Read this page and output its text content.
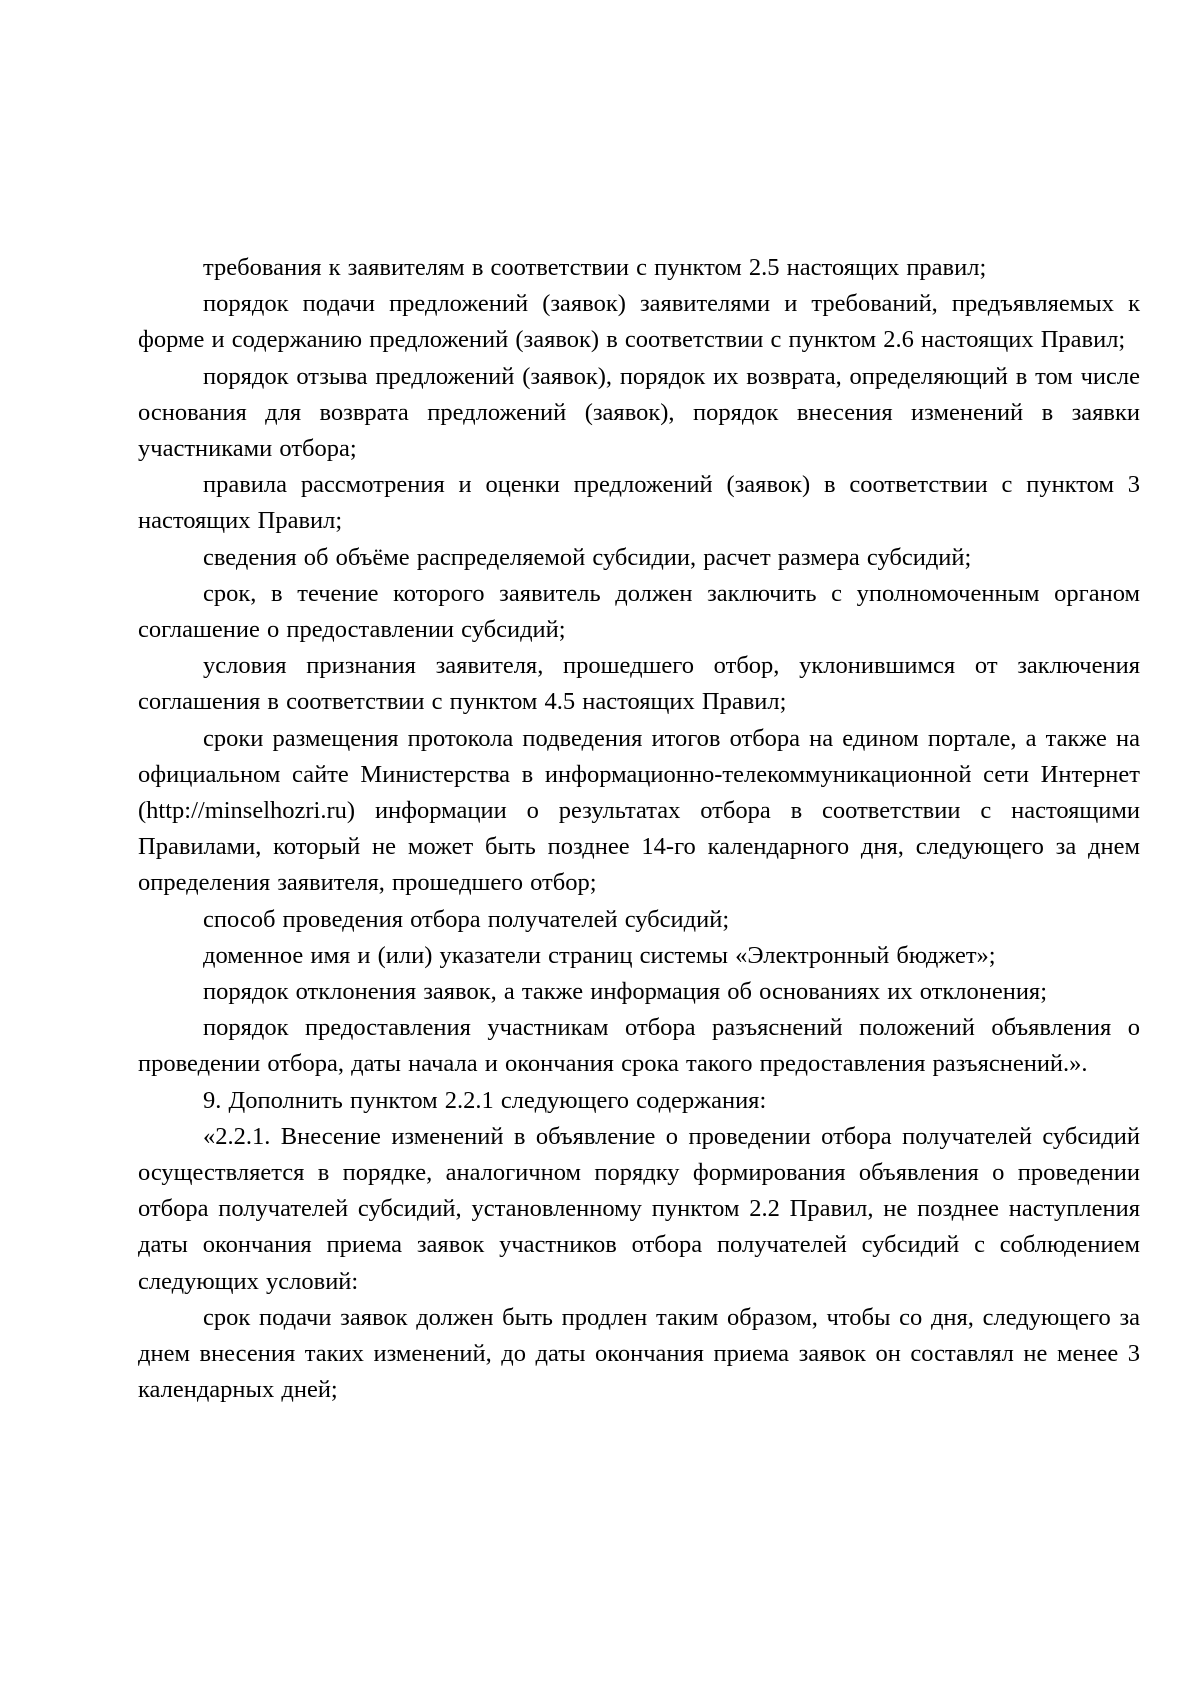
требования к заявителям в соответствии с пунктом 2.5 настоящих правил;

порядок подачи предложений (заявок) заявителями и требований, предъявляемых к форме и содержанию предложений (заявок) в соответствии с пунктом 2.6 настоящих Правил;

порядок отзыва предложений (заявок), порядок их возврата, определяющий в том числе основания для возврата предложений (заявок), порядок внесения изменений в заявки участниками отбора;

правила рассмотрения и оценки предложений (заявок) в соответствии с пунктом 3 настоящих Правил;

сведения об объёме распределяемой субсидии, расчет размера субсидий;

срок, в течение которого заявитель должен заключить с уполномоченным органом соглашение о предоставлении субсидий;

условия признания заявителя, прошедшего отбор, уклонившимся от заключения соглашения в соответствии с пунктом 4.5 настоящих Правил;

сроки размещения протокола подведения итогов отбора на едином портале, а также на официальном сайте Министерства в информационно-телекоммуникационной сети Интернет (http://minselhozri.ru) информации о результатах отбора в соответствии с настоящими Правилами, который не может быть позднее 14-го календарного дня, следующего за днем определения заявителя, прошедшего отбор;

способ проведения отбора получателей субсидий;

доменное имя и (или) указатели страниц системы «Электронный бюджет»;

порядок отклонения заявок, а также информация об основаниях их отклонения;

порядок предоставления участникам отбора разъяснений положений объявления о проведении отбора, даты начала и окончания срока такого предоставления разъяснений.».

9. Дополнить пунктом 2.2.1 следующего содержания:

«2.2.1. Внесение изменений в объявление о проведении отбора получателей субсидий осуществляется в порядке, аналогичном порядку формирования объявления о проведении отбора получателей субсидий, установленному пунктом 2.2 Правил, не позднее наступления даты окончания приема заявок участников отбора получателей субсидий с соблюдением следующих условий:

срок подачи заявок должен быть продлен таким образом, чтобы со дня, следующего за днем внесения таких изменений, до даты окончания приема заявок он составлял не менее 3 календарных дней;
